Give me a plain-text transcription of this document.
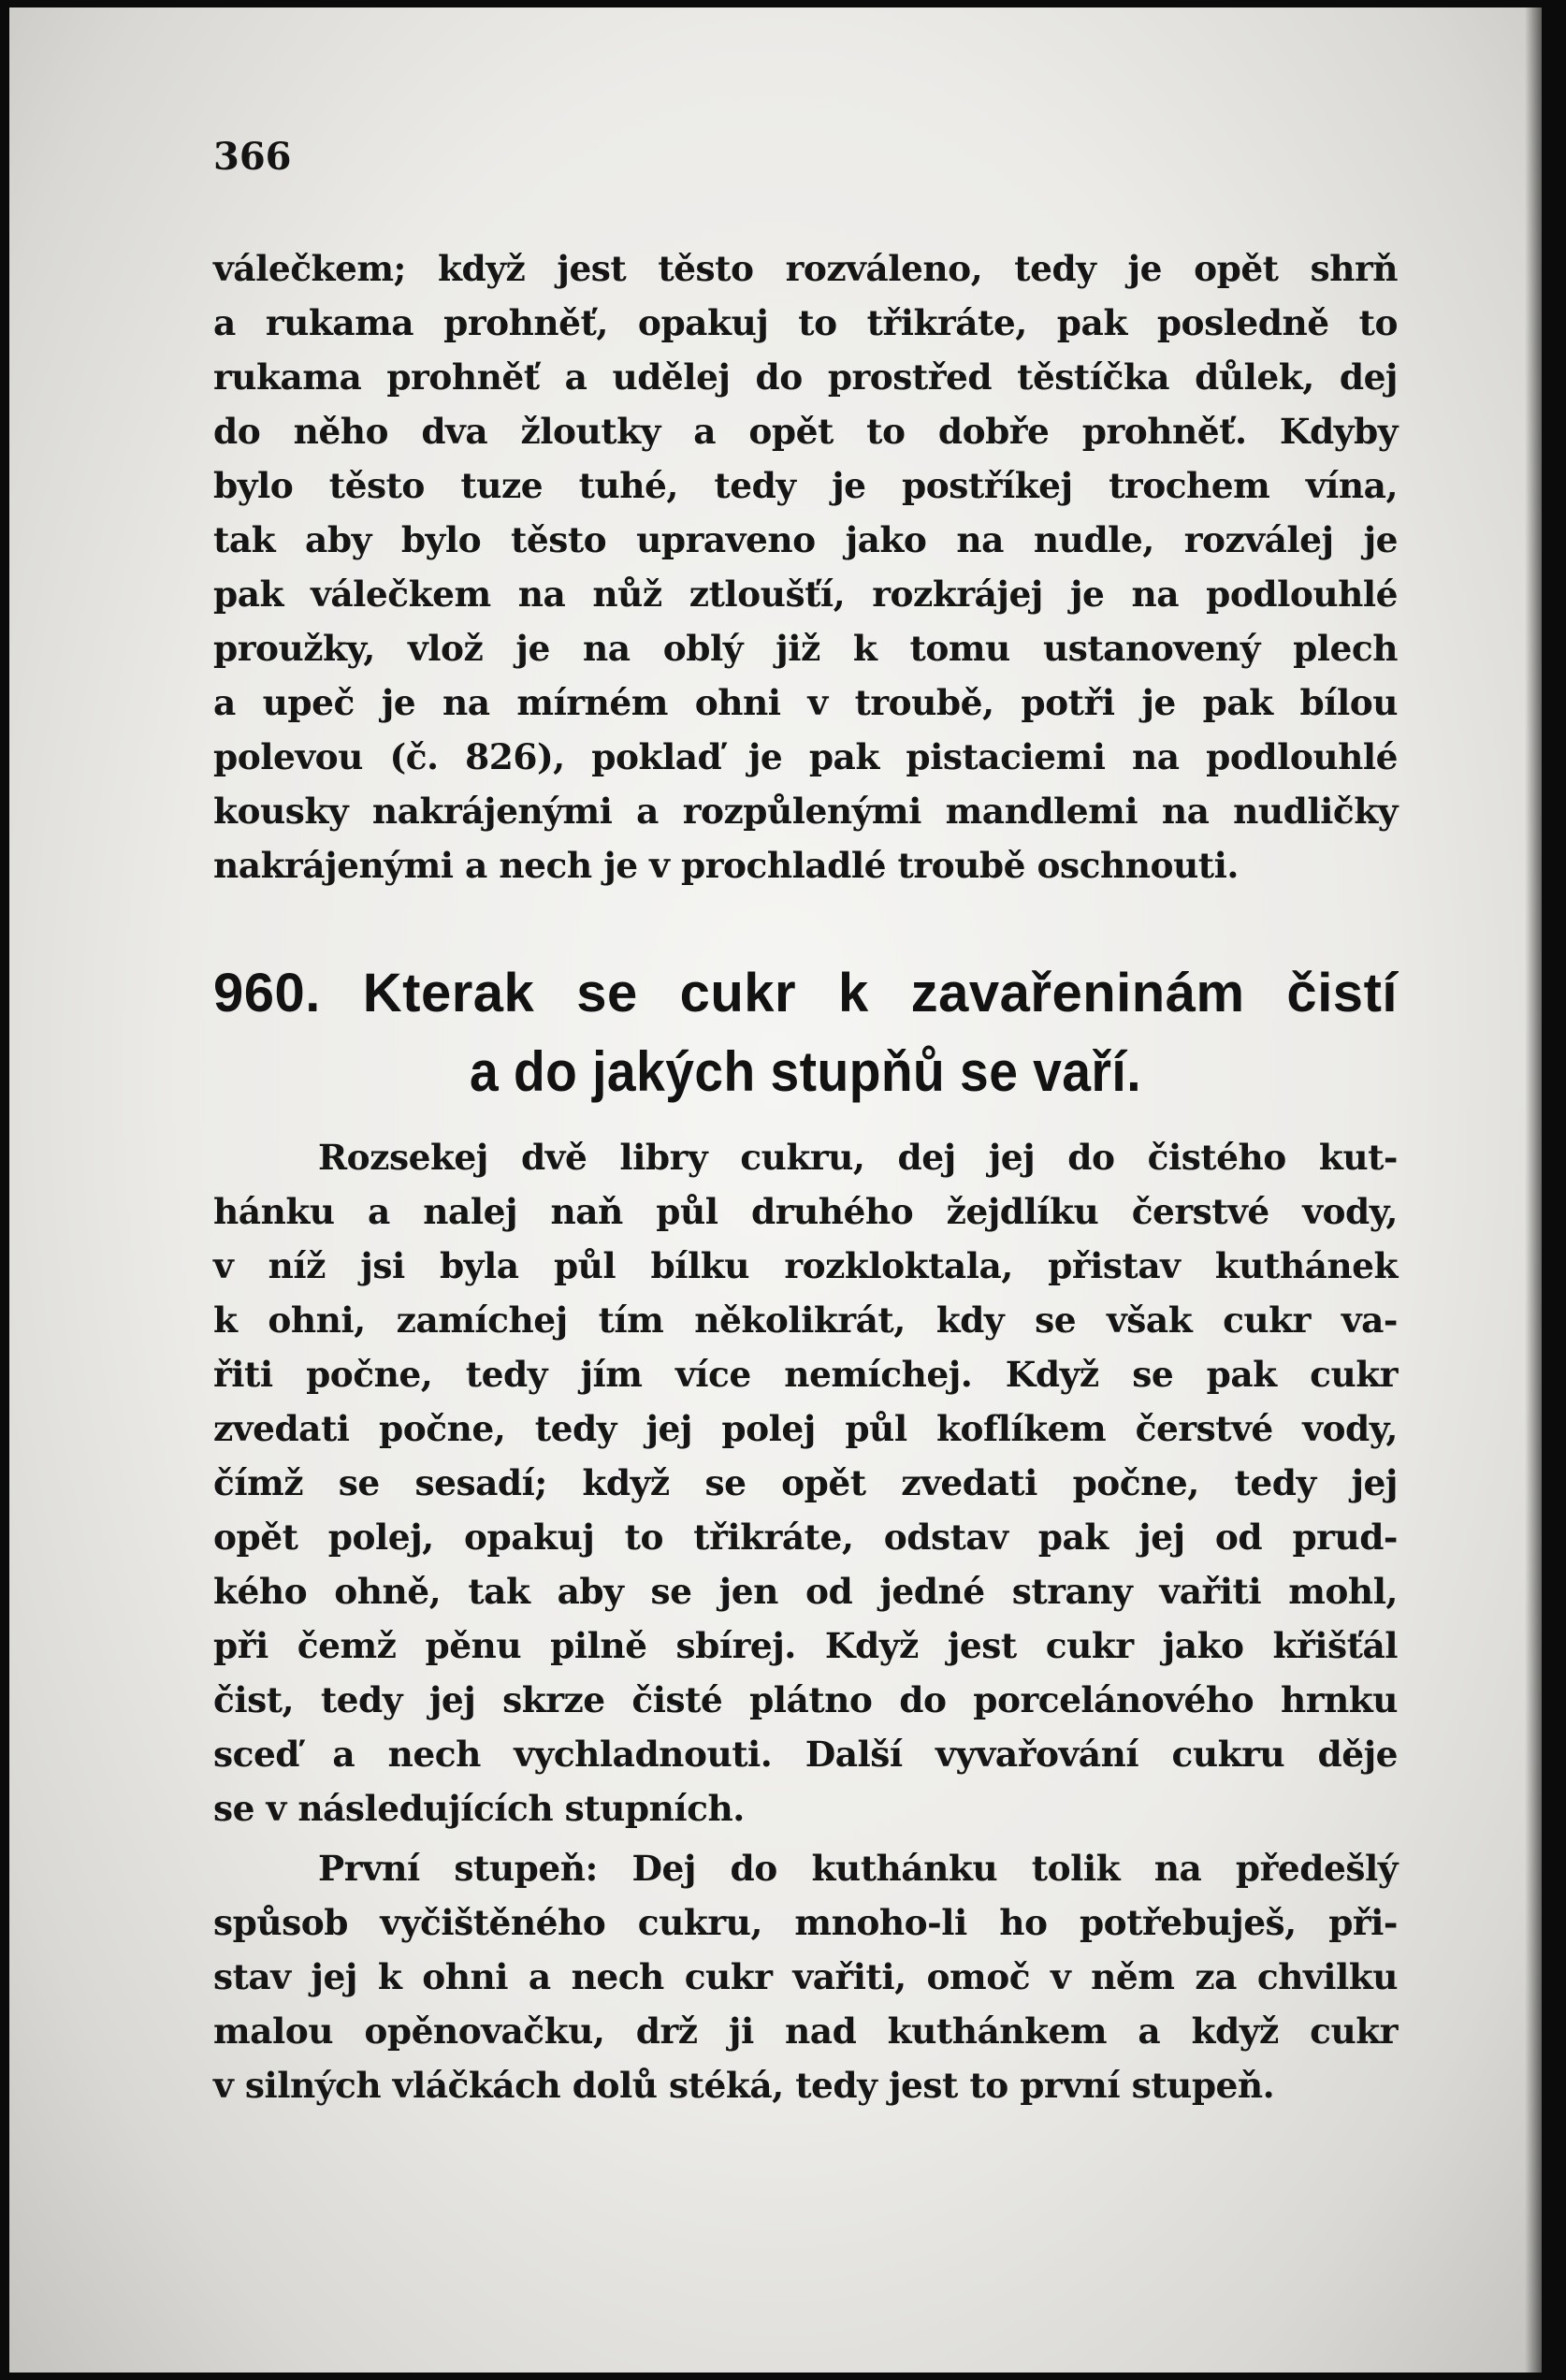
366
válečkem; když jest těsto rozváleno, tedy je opět shrň
a rukama prohněť, opakuj to třikráte, pak posledně to
rukama prohněť a udělej do prostřed těstíčka důlek, dej
do něho dva žloutky a opět to dobře prohněť. Kdyby
bylo těsto tuze tuhé, tedy je postříkej trochem vína,
tak aby bylo těsto upraveno jako na nudle, rozválej je
pak válečkem na nůž ztloušťí, rozkrájej je na podlouhlé
proužky, vlož je na oblý již k tomu ustanovený plech
a upeč je na mírném ohni v troubě, potři je pak bílou
polevou (č. 826), poklaď je pak pistaciemi na podlouhlé
kousky nakrájenými a rozpůlenými mandlemi na nudličky
nakrájenými a nech je v prochladlé troubě oschnouti.
960. Kterak se cukr k zavařeninám čistí
a do jakých stupňů se vaří.
Rozsekej dvě libry cukru, dej jej do čistého kut-
hánku a nalej naň půl druhého žejdlíku čerstvé vody,
v níž jsi byla půl bílku rozkloktala, přistav kuthánek
k ohni, zamíchej tím několikrát, kdy se však cukr va-
řiti počne, tedy jím více nemíchej. Když se pak cukr
zvedati počne, tedy jej polej půl koflíkem čerstvé vody,
čímž se sesadí; když se opět zvedati počne, tedy jej
opět polej, opakuj to třikráte, odstav pak jej od prud-
kého ohně, tak aby se jen od jedné strany vařiti mohl,
při čemž pěnu pilně sbírej. Když jest cukr jako křišťál
čist, tedy jej skrze čisté plátno do porcelánového hrnku
sceď a nech vychladnouti. Další vyvařování cukru děje
se v následujících stupních.
První stupeň: Dej do kuthánku tolik na předešlý
spůsob vyčištěného cukru, mnoho-li ho potřebuješ, při-
stav jej k ohni a nech cukr vařiti, omoč v něm za chvilku
malou opěnovačku, drž ji nad kuthánkem a když cukr
v silných vláčkách dolů stéká, tedy jest to první stupeň.
